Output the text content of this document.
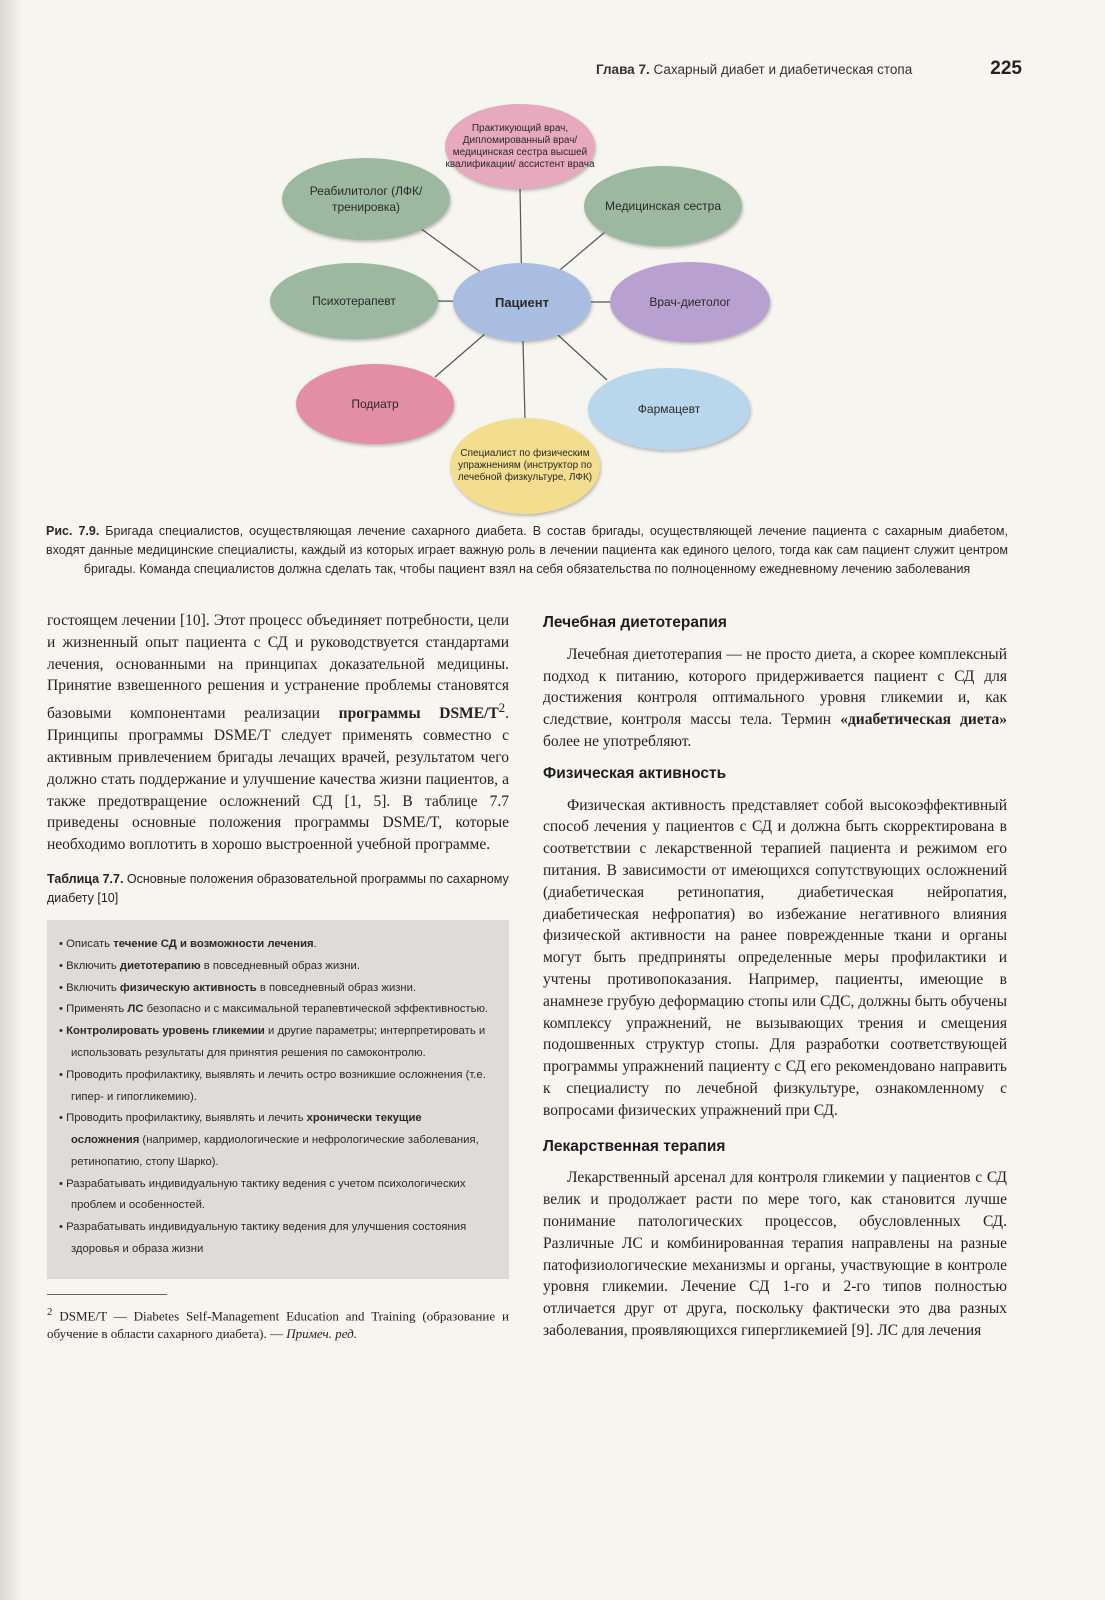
Глава 7. Сахарный диабет и диабетическая стопа	225
Практикующий врач, Дипломированный врач/ медицинская сестра высшей квалификации/ ассистент врача
Реабилитолог (ЛФК/тренировка)	Медицинская сестра
Психотерапевт	Врач-диетолог
Подиатр	Фармацевт
Специалист по физическим упражнениям (инструктор по лечебной физкультуре, ЛФК)
Пациент
Рис. 7.9. Бригада специалистов, осуществляющая лечение сахарного диабета. В состав бригады, осуществляющей лечение пациента с сахарным диабетом, входят данные медицинские специалисты, каждый из которых играет важную роль в лечении пациента как единого целого, тогда как сам пациент служит центром бригады. Команда специалистов должна сделать так, чтобы пациент взял на себя обязательства по полноценному ежедневному лечению заболевания

гостоящем лечении [10]. Этот процесс объединяет потребности, цели и жизненный опыт пациента с СД и руководствуется стандартами лечения, основанными на принципах доказательной медицины. Принятие взвешенного решения и устранение проблемы становятся базовыми компонентами реализации программы DSME/$T^2$. Принципы программы DSME/T следует применять совместно с активным привлечением бригады лечащих врачей, результатом чего должно стать поддержание и улучшение качества жизни пациентов, а также предотвращение осложнений СД [1, 5]. В таблице 7.7 приведены основные положения программы DSME/T, которые необходимо воплотить в хорошо выстроенной учебной программе.

Таблица 7.7. Основные положения образовательной программы по сахарному диабету [10]
• Описать течение СД и возможности лечения.
• Включить диетотерапию в повседневный образ жизни.
• Включить физическую активность в повседневный образ жизни.
• Применять ЛС безопасно и с максимальной терапевтической эффективностью.
• Контролировать уровень гликемии и другие параметры; интерпретировать и использовать результаты для принятия решения по самоконтролю.
• Проводить профилактику, выявлять и лечить остро возникшие осложнения (т.е. гипер- и гипогликемию).
• Проводить профилактику, выявлять и лечить хронически текущие осложнения (например, кардиологические и нефрологические заболевания, ретинопатию, стопу Шарко).
• Разрабатывать индивидуальную тактику ведения с учетом психологических проблем и особенностей.
• Разрабатывать индивидуальную тактику ведения для улучшения состояния здоровья и образа жизни

$^2$ DSME/T — Diabetes Self-Management Education and Training (образование и обучение в области сахарного диабета). — Примеч. ред.

Лечебная диетотерапия

Лечебная диетотерапия — не просто диета, а скорее комплексный подход к питанию, которого придерживается пациент с СД для достижения контроля оптимального уровня гликемии и, как следствие, контроля массы тела. Термин «диабетическая диета» более не употребляют.

Физическая активность

Физическая активность представляет собой высокоэффективный способ лечения у пациентов с СД и должна быть скорректирована в соответствии с лекарственной терапией пациента и режимом его питания. В зависимости от имеющихся сопутствующих осложнений (диабетическая ретинопатия, диабетическая нейропатия, диабетическая нефропатия) во избежание негативного влияния физической активности на ранее поврежденные ткани и органы могут быть предприняты определенные меры профилактики и учтены противопоказания. Например, пациенты, имеющие в анамнезе грубую деформацию стопы или СДС, должны быть обучены комплексу упражнений, не вызывающих трения и смещения подошвенных структур стопы. Для разработки соответствующей программы упражнений пациенту с СД его рекомендовано направить к специалисту по лечебной физкультуре, ознакомленному с вопросами физических упражнений при СД.

Лекарственная терапия

Лекарственный арсенал для контроля гликемии у пациентов с СД велик и продолжает расти по мере того, как становится лучше понимание патологических процессов, обусловленных СД. Различные ЛС и комбинированная терапия направлены на разные патофизиологические механизмы и органы, участвующие в контроле уровня гликемии. Лечение СД 1-го и 2-го типов полностью отличается друг от друга, поскольку фактически это два разных заболевания, проявляющихся гипергликемией [9]. ЛС для лечения
